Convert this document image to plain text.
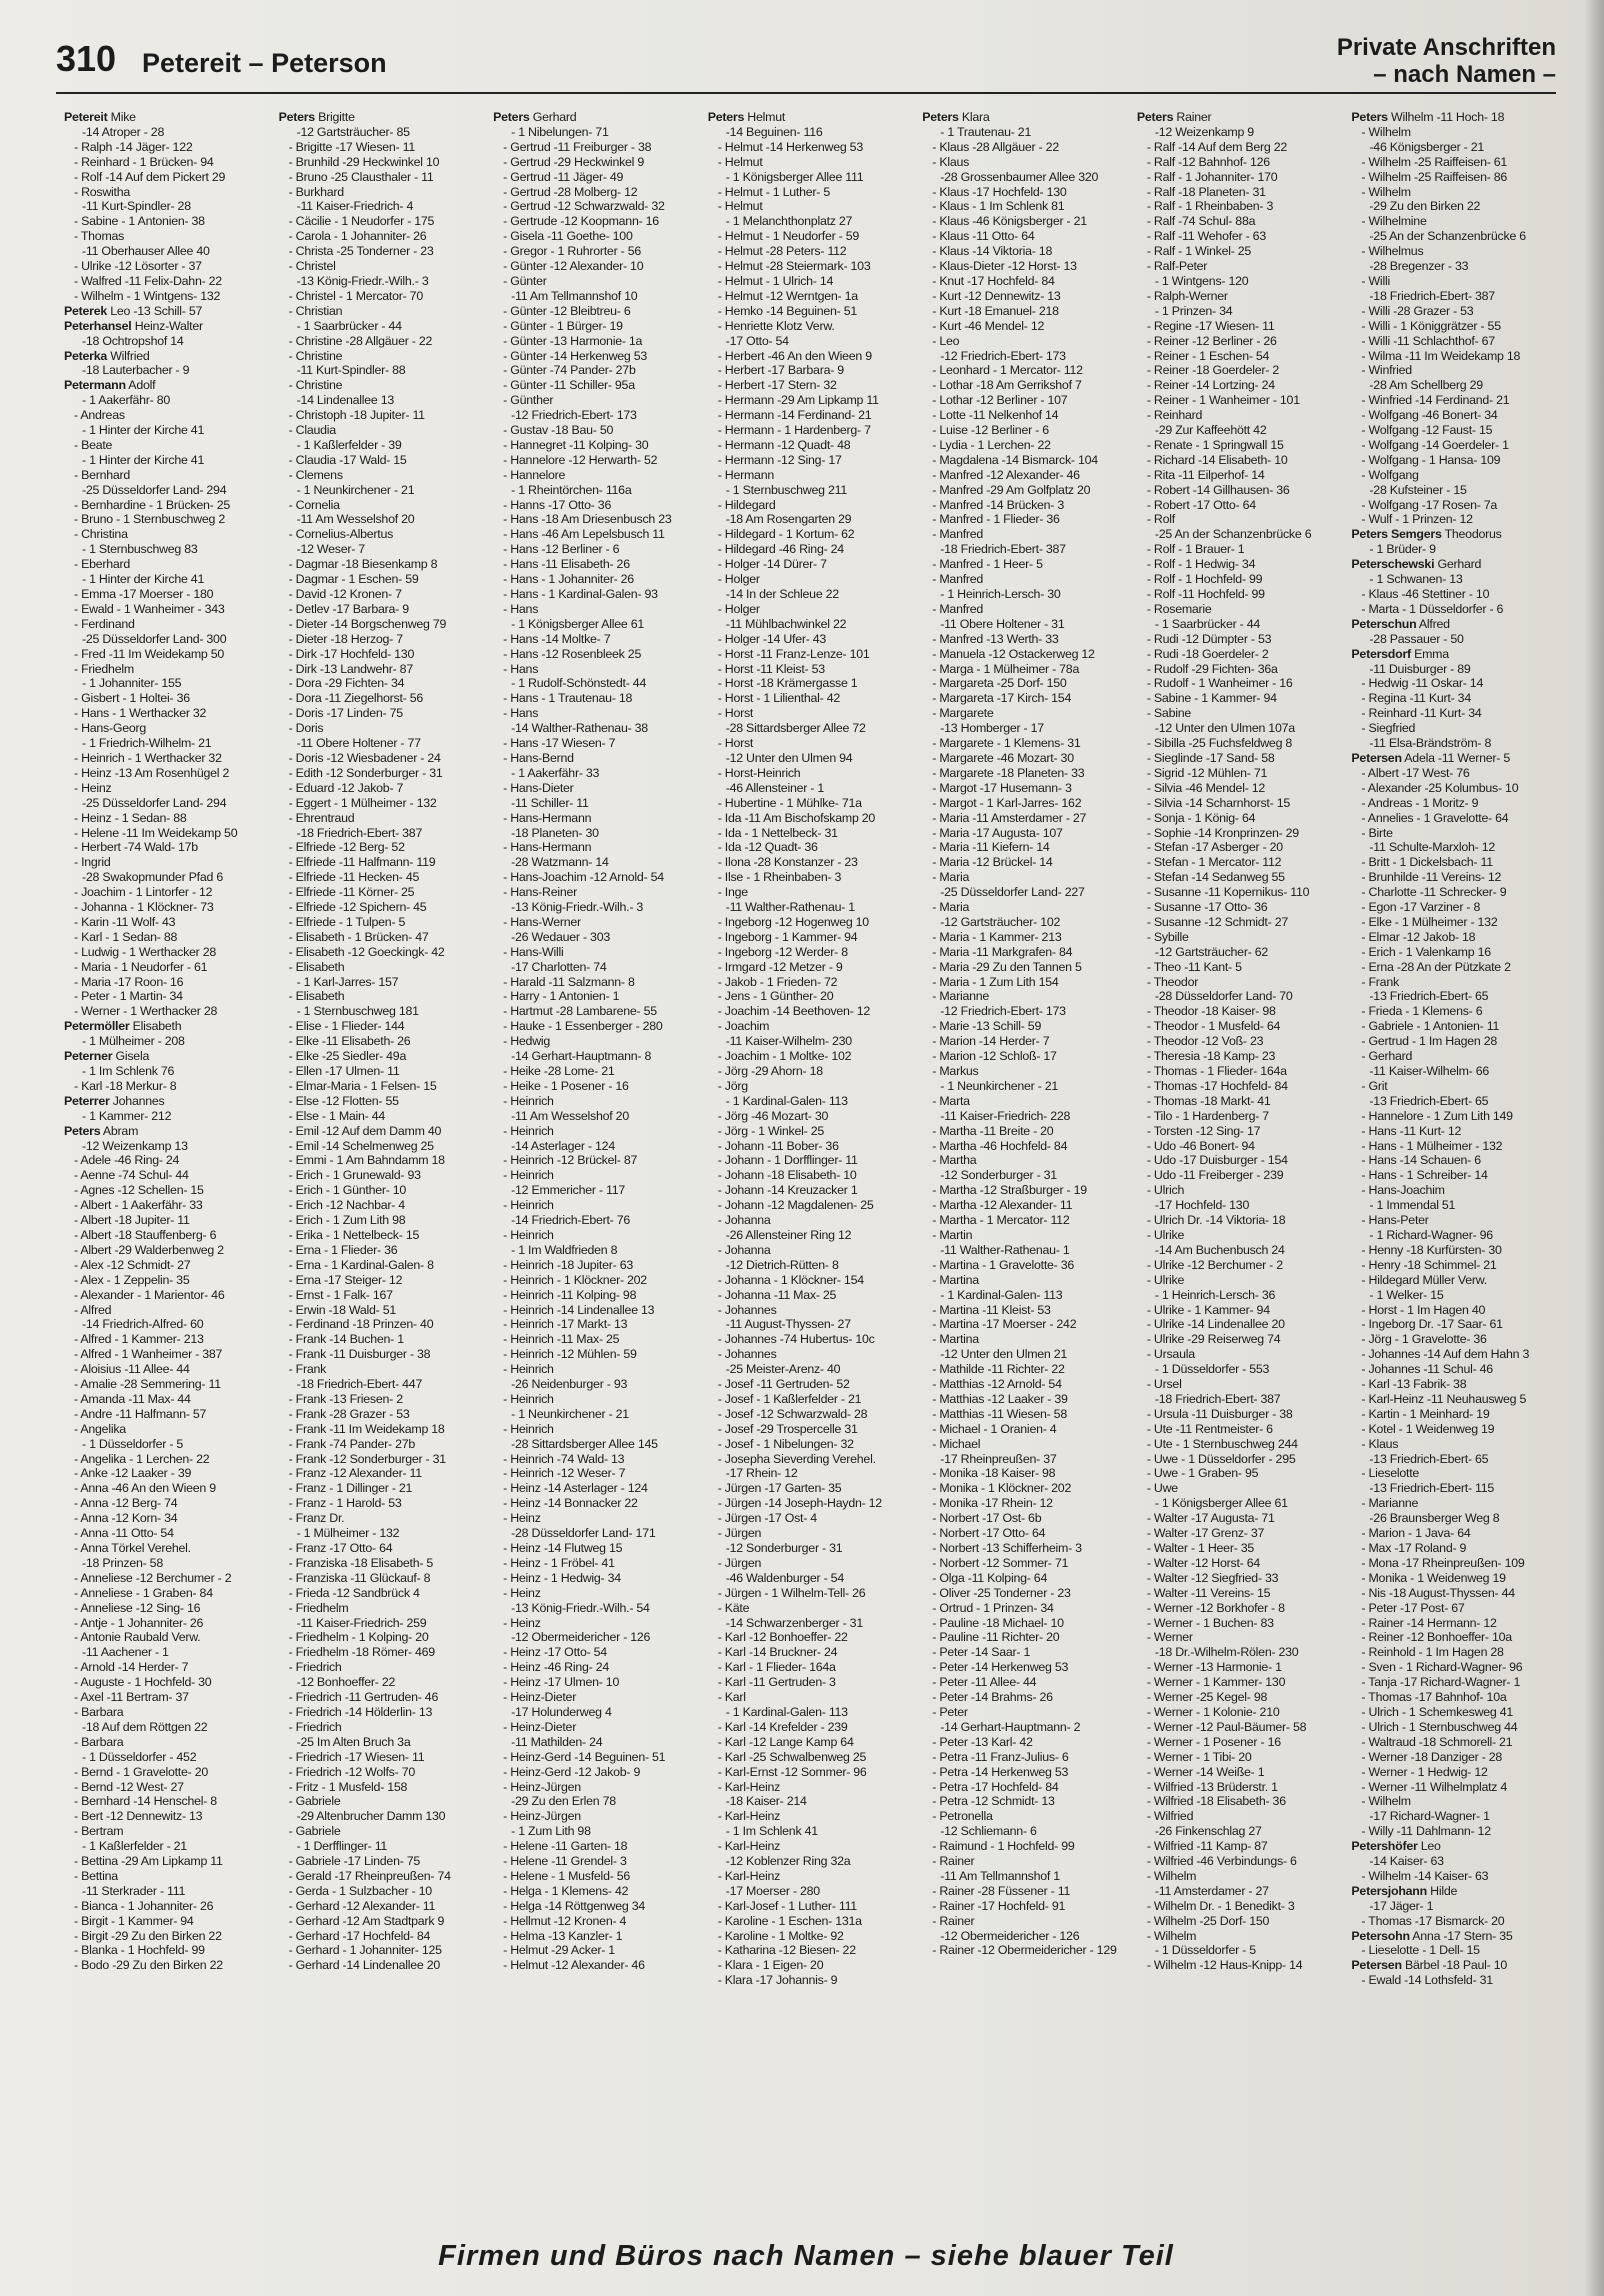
310 Petereit – Peterson
Private Anschriften
– nach Namen –
Petereit Mike
-14 Atroper - 28
- Ralph -14 Jäger- 122
- Reinhard - 1 Brücken- 94
- Rolf -14 Auf dem Pickert 29
- Roswitha
-11 Kurt-Spindler- 28
- Sabine - 1 Antonien- 38
- Thomas
-11 Oberhauser Allee 40
- Ulrike -12 Lösorter - 37
- Walfred -11 Felix-Dahn- 22
- Wilhelm - 1 Wintgens- 132
Peterek Leo -13 Schill- 57
Peterhansel Heinz-Walter
-18 Ochtropshof 14
Peterka Wilfried
-18 Lauterbacher - 9
Petermann Adolf
- 1 Aakerfähr- 80
- Andreas
- 1 Hinter der Kirche 41
- Beate
- 1 Hinter der Kirche 41
- Bernhard
-25 Düsseldorfer Land- 294
- Bernhardine - 1 Brücken- 25
- Bruno - 1 Sternbuschweg 2
- Christina
- 1 Sternbuschweg 83
- Eberhard
- 1 Hinter der Kirche 41
- Emma -17 Moerser - 180
- Ewald - 1 Wanheimer - 343
- Ferdinand
-25 Düsseldorfer Land- 300
- Fred -11 Im Weidekamp 50
- Friedhelm
- 1 Johanniter- 155
- Gisbert - 1 Holtei- 36
- Hans - 1 Werthacker 32
- Hans-Georg
- 1 Friedrich-Wilhelm- 21
- Heinrich - 1 Werthacker 32
- Heinz -13 Am Rosenhügel 2
- Heinz
-25 Düsseldorfer Land- 294
- Heinz - 1 Sedan- 88
- Helene -11 Im Weidekamp 50
- Herbert -74 Wald- 17b
- Ingrid
-28 Swakopmunder Pfad 6
- Joachim - 1 Lintorfer - 12
- Johanna - 1 Klöckner- 73
- Karin -11 Wolf- 43
- Karl - 1 Sedan- 88
- Ludwig - 1 Werthacker 28
- Maria - 1 Neudorfer - 61
- Maria -17 Roon- 16
- Peter - 1 Martin- 34
- Werner - 1 Werthacker 28
Petermöller Elisabeth
- 1 Mülheimer - 208
Peterner Gisela
- 1 Im Schlenk 76
- Karl -18 Merkur- 8
Peterrer Johannes
- 1 Kammer- 212
Peters Abram
-12 Weizenkamp 13
- Adele -46 Ring- 24
- Aenne -74 Schul- 44
- Agnes -12 Schellen- 15
- Albert - 1 Aakerfähr- 33
- Albert -18 Jupiter- 11
- Albert -18 Stauffenberg- 6
- Albert -29 Walderbenweg 2
- Alex -12 Schmidt- 27
- Alex - 1 Zeppelin- 35
- Alexander - 1 Marientor- 46
- Alfred
-14 Friedrich-Alfred- 60
- Alfred - 1 Kammer- 213
- Alfred - 1 Wanheimer - 387
- Aloisius -11 Allee- 44
- Amalie -28 Semmering- 11
- Amanda -11 Max- 44
- Andre -11 Halfmann- 57
- Angelika
- 1 Düsseldorfer - 5
- Angelika - 1 Lerchen- 22
- Anke -12 Laaker - 39
- Anna -46 An den Wieen 9
- Anna -12 Berg- 74
- Anna -12 Korn- 34
- Anna -11 Otto- 54
- Anna Törkel Verehel.
-18 Prinzen- 58
- Anneliese -12 Berchumer - 2
- Anneliese - 1 Graben- 84
- Anneliese -12 Sing- 16
- Antje - 1 Johanniter- 26
- Antonie Raubald Verw.
-11 Aachener - 1
- Arnold -14 Herder- 7
- Auguste - 1 Hochfeld- 30
- Axel -11 Bertram- 37
- Barbara
-18 Auf dem Röttgen 22
- Barbara
- 1 Düsseldorfer - 452
- Bernd - 1 Gravelotte- 20
- Bernd -12 West- 27
- Bernhard -14 Henschel- 8
- Bert -12 Dennewitz- 13
- Bertram
- 1 Kaßlerfelder - 21
- Bettina -29 Am Lipkamp 11
- Bettina
-11 Sterkrader - 111
- Bianca - 1 Johanniter- 26
- Birgit - 1 Kammer- 94
- Birgit -29 Zu den Birken 22
- Blanka - 1 Hochfeld- 99
- Bodo -29 Zu den Birken 22
Peters Brigitte
-12 Gartsträucher- 85
- Brigitte -17 Wiesen- 11
- Brunhild -29 Heckwinkel 10
- Bruno -25 Clausthaler - 11
- Burkhard
-11 Kaiser-Friedrich- 4
- Cäcilie - 1 Neudorfer - 175
- Carola - 1 Johanniter- 26
- Christa -25 Tonderner - 23
- Christel
-13 König-Friedr.-Wilh.- 3
- Christel - 1 Mercator- 70
- Christian
- 1 Saarbrücker - 44
- Christine -28 Allgäuer - 22
- Christine
-11 Kurt-Spindler- 88
- Christine
-14 Lindenallee 13
- Christoph -18 Jupiter- 11
- Claudia
- 1 Kaßlerfelder - 39
- Claudia -17 Wald- 15
- Clemens
- 1 Neunkirchener - 21
- Cornelia
-11 Am Wesselshof 20
- Cornelius-Albertus
-12 Weser- 7
- Dagmar -18 Biesenkamp 8
- Dagmar - 1 Eschen- 59
- David -12 Kronen- 7
- Detlev -17 Barbara- 9
- Dieter -14 Borgschenweg 79
- Dieter -18 Herzog- 7
- Dirk -17 Hochfeld- 130
- Dirk -13 Landwehr- 87
- Dora -29 Fichten- 34
- Dora -11 Ziegelhorst- 56
- Doris -17 Linden- 75
- Doris
-11 Obere Holtener - 77
- Doris -12 Wiesbadener - 24
- Edith -12 Sonderburger - 31
- Eduard -12 Jakob- 7
- Eggert - 1 Mülheimer - 132
- Ehrentraud
-18 Friedrich-Ebert- 387
- Elfriede -12 Berg- 52
- Elfriede -11 Halfmann- 119
- Elfriede -11 Hecken- 45
- Elfriede -11 Körner- 25
- Elfriede -12 Spichern- 45
- Elfriede - 1 Tulpen- 5
- Elisabeth - 1 Brücken- 47
- Elisabeth -12 Goeckingk- 42
- Elisabeth
- 1 Karl-Jarres- 157
- Elisabeth
- 1 Sternbuschweg 181
- Elise - 1 Flieder- 144
- Elke -11 Elisabeth- 26
- Elke -25 Siedler- 49a
- Ellen -17 Ulmen- 11
- Elmar-Maria - 1 Felsen- 15
- Else -12 Flotten- 55
- Else - 1 Main- 44
- Emil -12 Auf dem Damm 40
- Emil -14 Schelmenweg 25
- Emmi - 1 Am Bahndamm 18
- Erich - 1 Grunewald- 93
- Erich - 1 Günther- 10
- Erich -12 Nachbar- 4
- Erich - 1 Zum Lith 98
- Erika - 1 Nettelbeck- 15
- Erna - 1 Flieder- 36
- Erna - 1 Kardinal-Galen- 8
- Erna -17 Steiger- 12
- Ernst - 1 Falk- 167
- Erwin -18 Wald- 51
- Ferdinand -18 Prinzen- 40
- Frank -14 Buchen- 1
- Frank -11 Duisburger - 38
- Frank
-18 Friedrich-Ebert- 447
- Frank -13 Friesen- 2
- Frank -28 Grazer - 53
- Frank -11 Im Weidekamp 18
- Frank -74 Pander- 27b
- Frank -12 Sonderburger - 31
- Franz -12 Alexander- 11
- Franz - 1 Dillinger - 21
- Franz - 1 Harold- 53
- Franz Dr.
- 1 Mülheimer - 132
- Franz -17 Otto- 64
- Franziska -18 Elisabeth- 5
- Franziska -11 Glückauf- 8
- Frieda -12 Sandbrück 4
- Friedhelm
-11 Kaiser-Friedrich- 259
- Friedhelm - 1 Kolping- 20
- Friedhelm -18 Römer- 469
- Friedrich
-12 Bonhoeffer- 22
- Friedrich -11 Gertruden- 46
- Friedrich -14 Hölderlin- 13
- Friedrich
-25 Im Alten Bruch 3a
- Friedrich -17 Wiesen- 11
- Friedrich -12 Wolfs- 70
- Fritz - 1 Musfeld- 158
- Gabriele
-29 Altenbrucher Damm 130
- Gabriele
- 1 Derfflinger- 11
- Gabriele -17 Linden- 75
- Gerald -17 Rheinpreußen- 74
- Gerda - 1 Sulzbacher - 10
- Gerhard -12 Alexander- 11
- Gerhard -12 Am Stadtpark 9
- Gerhard -17 Hochfeld- 84
- Gerhard - 1 Johanniter- 125
- Gerhard -14 Lindenallee 20
Peters Gerhard
- 1 Nibelungen- 71
- Gertrud -11 Freiburger - 38
- Gertrud -29 Heckwinkel 9
- Gertrud -11 Jäger- 49
- Gertrud -28 Molberg- 12
- Gertrud -12 Schwarzwald- 32
- Gertrude -12 Koopmann- 16
- Gisela -11 Goethe- 100
- Gregor - 1 Ruhrorter - 56
- Günter -12 Alexander- 10
- Günter
-11 Am Tellmannshof 10
- Günter -12 Bleibtreu- 6
- Günter - 1 Bürger- 19
- Günter -13 Harmonie- 1a
- Günter -14 Herkenweg 53
- Günter -74 Pander- 27b
- Günter -11 Schiller- 95a
- Günther
-12 Friedrich-Ebert- 173
- Gustav -18 Bau- 50
- Hannegret -11 Kolping- 30
- Hannelore -12 Herwarth- 52
- Hannelore
- 1 Rheintörchen- 116a
- Hanns -17 Otto- 36
- Hans -18 Am Driesenbusch 23
- Hans -46 Am Lepelsbusch 11
- Hans -12 Berliner - 6
- Hans -11 Elisabeth- 26
- Hans - 1 Johanniter- 26
- Hans - 1 Kardinal-Galen- 93
- Hans
- 1 Königsberger Allee 61
- Hans -14 Moltke- 7
- Hans -12 Rosenbleek 25
- Hans
- 1 Rudolf-Schönstedt- 44
- Hans - 1 Trautenau- 18
- Hans
-14 Walther-Rathenau- 38
- Hans -17 Wiesen- 7
- Hans-Bernd
- 1 Aakerfähr- 33
- Hans-Dieter
-11 Schiller- 11
- Hans-Hermann
-18 Planeten- 30
- Hans-Hermann
-28 Watzmann- 14
- Hans-Joachim -12 Arnold- 54
- Hans-Reiner
-13 König-Friedr.-Wilh.- 3
- Hans-Werner
-26 Wedauer - 303
- Hans-Willi
-17 Charlotten- 74
- Harald -11 Salzmann- 8
- Harry - 1 Antonien- 1
- Hartmut -28 Lambarene- 55
- Hauke - 1 Essenberger - 280
- Hedwig
-14 Gerhart-Hauptmann- 8
- Heike -28 Lome- 21
- Heike - 1 Posener - 16
- Heinrich
-11 Am Wesselshof 20
- Heinrich
-14 Asterlager - 124
- Heinrich -12 Brückel- 87
- Heinrich
-12 Emmericher - 117
- Heinrich
-14 Friedrich-Ebert- 76
- Heinrich
- 1 Im Waldfrieden 8
- Heinrich -18 Jupiter- 63
- Heinrich - 1 Klöckner- 202
- Heinrich -11 Kolping- 98
- Heinrich -14 Lindenallee 13
- Heinrich -17 Markt- 13
- Heinrich -11 Max- 25
- Heinrich -12 Mühlen- 59
- Heinrich
-26 Neidenburger - 93
- Heinrich
- 1 Neunkirchener - 21
- Heinrich
-28 Sittardsberger Allee 145
- Heinrich -74 Wald- 13
- Heinrich -12 Weser- 7
- Heinz -14 Asterlager - 124
- Heinz -14 Bonnacker 22
- Heinz
-28 Düsseldorfer Land- 171
- Heinz -14 Flutweg 15
- Heinz - 1 Fröbel- 41
- Heinz - 1 Hedwig- 34
- Heinz
-13 König-Friedr.-Wilh.- 54
- Heinz
-12 Obermeidericher - 126
- Heinz -17 Otto- 54
- Heinz -46 Ring- 24
- Heinz -17 Ulmen- 10
- Heinz-Dieter
-17 Holunderweg 4
- Heinz-Dieter
-11 Mathilden- 24
- Heinz-Gerd -14 Beguinen- 51
- Heinz-Gerd -12 Jakob- 9
- Heinz-Jürgen
-29 Zu den Erlen 78
- Heinz-Jürgen
- 1 Zum Lith 98
- Helene -11 Garten- 18
- Helene -11 Grendel- 3
- Helene - 1 Musfeld- 56
- Helga - 1 Klemens- 42
- Helga -14 Röttgenweg 34
- Hellmut -12 Kronen- 4
- Helma -13 Kanzler- 1
- Helmut -29 Acker- 1
- Helmut -12 Alexander- 46
Peters Helmut
-14 Beguinen- 116
- Helmut -14 Herkenweg 53
- Helmut
- 1 Königsberger Allee 111
- Helmut - 1 Luther- 5
- Helmut
- 1 Melanchthonplatz 27
- Helmut - 1 Neudorfer - 59
- Helmut -28 Peters- 112
- Helmut -28 Steiermark- 103
- Helmut - 1 Ulrich- 14
- Helmut -12 Werntgen- 1a
- Hemko -14 Beguinen- 51
- Henriette Klotz Verw.
-17 Otto- 54
- Herbert -46 An den Wieen 9
- Herbert -17 Barbara- 9
- Herbert -17 Stern- 32
- Hermann -29 Am Lipkamp 11
- Hermann -14 Ferdinand- 21
- Hermann - 1 Hardenberg- 7
- Hermann -12 Quadt- 48
- Hermann -12 Sing- 17
- Hermann
- 1 Sternbuschweg 211
- Hildegard
-18 Am Rosengarten 29
- Hildegard - 1 Kortum- 62
- Hildegard -46 Ring- 24
- Holger -14 Dürer- 7
- Holger
-14 In der Schleue 22
- Holger
-11 Mühlbachwinkel 22
- Holger -14 Ufer- 43
- Horst -11 Franz-Lenze- 101
- Horst -11 Kleist- 53
- Horst -18 Krämergasse 1
- Horst - 1 Lilienthal- 42
- Horst
-28 Sittardsberger Allee 72
- Horst
-12 Unter den Ulmen 94
- Horst-Heinrich
-46 Allensteiner - 1
- Hubertine - 1 Mühlke- 71a
- Ida -11 Am Bischofskamp 20
- Ida - 1 Nettelbeck- 31
- Ida -12 Quadt- 36
- Ilona -28 Konstanzer - 23
- Ilse - 1 Rheinbaben- 3
- Inge
-11 Walther-Rathenau- 1
- Ingeborg -12 Hogenweg 10
- Ingeborg - 1 Kammer- 94
- Ingeborg -12 Werder- 8
- Irmgard -12 Metzer - 9
- Jakob - 1 Frieden- 72
- Jens - 1 Günther- 20
- Joachim -14 Beethoven- 12
- Joachim
-11 Kaiser-Wilhelm- 230
- Joachim - 1 Moltke- 102
- Jörg -29 Ahorn- 18
- Jörg
- 1 Kardinal-Galen- 113
- Jörg -46 Mozart- 30
- Jörg - 1 Winkel- 25
- Johann -11 Bober- 36
- Johann - 1 Dorfflinger- 11
- Johann -18 Elisabeth- 10
- Johann -14 Kreuzacker 1
- Johann -12 Magdalenen- 25
- Johanna
-26 Allensteiner Ring 12
- Johanna
-12 Dietrich-Rütten- 8
- Johanna - 1 Klöckner- 154
- Johanna -11 Max- 25
- Johannes
-11 August-Thyssen- 27
- Johannes -74 Hubertus- 10c
- Johannes
-25 Meister-Arenz- 40
- Josef -11 Gertruden- 52
- Josef - 1 Kaßlerfelder - 21
- Josef -12 Schwarzwald- 28
- Josef -29 Trospercelle 31
- Josef - 1 Nibelungen- 32
- Josepha Sieverding Verehel.
-17 Rhein- 12
- Jürgen -17 Garten- 35
- Jürgen -14 Joseph-Haydn- 12
- Jürgen -17 Ost- 4
- Jürgen
-12 Sonderburger - 31
- Jürgen
-46 Waldenburger - 54
- Jürgen - 1 Wilhelm-Tell- 26
- Käte
-14 Schwarzenberger - 31
- Karl -12 Bonhoeffer- 22
- Karl -14 Bruckner- 24
- Karl - 1 Flieder- 164a
- Karl -11 Gertruden- 3
- Karl
- 1 Kardinal-Galen- 113
- Karl -14 Krefelder - 239
- Karl -12 Lange Kamp 64
- Karl -25 Schwalbenweg 25
- Karl-Ernst -12 Sommer- 96
- Karl-Heinz
-18 Kaiser- 214
- Karl-Heinz
- 1 Im Schlenk 41
- Karl-Heinz
-12 Koblenzer Ring 32a
- Karl-Heinz
-17 Moerser - 280
- Karl-Josef - 1 Luther- 111
- Karoline - 1 Eschen- 131a
- Karoline - 1 Moltke- 92
- Katharina -12 Biesen- 22
- Klara - 1 Eigen- 20
- Klara -17 Johannis- 9
Peters Klara
- 1 Trautenau- 21
- Klaus -28 Allgäuer - 22
- Klaus
-28 Grossenbaumer Allee 320
- Klaus -17 Hochfeld- 130
- Klaus - 1 Im Schlenk 81
- Klaus -46 Königsberger - 21
- Klaus -11 Otto- 64
- Klaus -14 Viktoria- 18
- Klaus-Dieter -12 Horst- 13
- Knut -17 Hochfeld- 84
- Kurt -12 Dennewitz- 13
- Kurt -18 Emanuel- 218
- Kurt -46 Mendel- 12
- Leo
-12 Friedrich-Ebert- 173
- Leonhard - 1 Mercator- 112
- Lothar -18 Am Gerrikshof 7
- Lothar -12 Berliner - 107
- Lotte -11 Nelkenhof 14
- Luise -12 Berliner - 6
- Lydia - 1 Lerchen- 22
- Magdalena -14 Bismarck- 104
- Manfred -12 Alexander- 46
- Manfred -29 Am Golfplatz 20
- Manfred -14 Brücken- 3
- Manfred - 1 Flieder- 36
- Manfred
-18 Friedrich-Ebert- 387
- Manfred - 1 Heer- 5
- Manfred
- 1 Heinrich-Lersch- 30
- Manfred
-11 Obere Holtener - 31
- Manfred -13 Werth- 33
- Manuela -12 Ostackerweg 12
- Marga - 1 Mülheimer - 78a
- Margareta -25 Dorf- 150
- Margareta -17 Kirch- 154
- Margarete
-13 Homberger - 17
- Margarete - 1 Klemens- 31
- Margarete -46 Mozart- 30
- Margarete -18 Planeten- 33
- Margot -17 Husemann- 3
- Margot - 1 Karl-Jarres- 162
- Maria -11 Amsterdamer - 27
- Maria -17 Augusta- 107
- Maria -11 Kiefern- 14
- Maria -12 Brückel- 14
- Maria
-25 Düsseldorfer Land- 227
- Maria
-12 Gartsträucher- 102
- Maria - 1 Kammer- 213
- Maria -11 Markgrafen- 84
- Maria -29 Zu den Tannen 5
- Maria - 1 Zum Lith 154
- Marianne
-12 Friedrich-Ebert- 173
- Marie -13 Schill- 59
- Marion -14 Herder- 7
- Marion -12 Schloß- 17
- Markus
- 1 Neunkirchener - 21
- Marta
-11 Kaiser-Friedrich- 228
- Martha -11 Breite - 20
- Martha -46 Hochfeld- 84
- Martha
-12 Sonderburger - 31
- Martha -12 Straßburger - 19
- Martha -12 Alexander- 11
- Martha - 1 Mercator- 112
- Martin
-11 Walther-Rathenau- 1
- Martina - 1 Gravelotte- 36
- Martina
- 1 Kardinal-Galen- 113
- Martina -11 Kleist- 53
- Martina -17 Moerser - 242
- Martina
-12 Unter den Ulmen 21
- Mathilde -11 Richter- 22
- Matthias -12 Arnold- 54
- Matthias -12 Laaker - 39
- Matthias -11 Wiesen- 58
- Michael - 1 Oranien- 4
- Michael
-17 Rheinpreußen- 37
- Monika -18 Kaiser- 98
- Monika - 1 Klöckner- 202
- Monika -17 Rhein- 12
- Norbert -17 Ost- 6b
- Norbert -17 Otto- 64
- Norbert -13 Schifferheim- 3
- Norbert -12 Sommer- 71
- Olga -11 Kolping- 64
- Oliver -25 Tonderner - 23
- Ortrud - 1 Prinzen- 34
- Pauline -18 Michael- 10
- Pauline -11 Richter- 20
- Peter -14 Saar- 1
- Peter -14 Herkenweg 53
- Peter -11 Allee- 44
- Peter -14 Brahms- 26
- Peter
-14 Gerhart-Hauptmann- 2
- Peter -13 Karl- 42
- Petra -11 Franz-Julius- 6
- Petra -14 Herkenweg 53
- Petra -17 Hochfeld- 84
- Petra -12 Schmidt- 13
- Petronella
-12 Schliemann- 6
- Raimund - 1 Hochfeld- 99
- Rainer
-11 Am Tellmannshof 1
- Rainer -28 Füssener - 11
- Rainer -17 Hochfeld- 91
- Rainer
-12 Obermeidericher - 126
- Rainer -12 Obermeidericher - 129
Peters Rainer
-12 Weizenkamp 9
- Ralf -14 Auf dem Berg 22
- Ralf -12 Bahnhof- 126
- Ralf - 1 Johanniter- 170
- Ralf -18 Planeten- 31
- Ralf - 1 Rheinbaben- 3
- Ralf -74 Schul- 88a
- Ralf -11 Wehofer - 63
- Ralf - 1 Winkel- 25
- Ralf-Peter
- 1 Wintgens- 120
- Ralph-Werner
- 1 Prinzen- 34
- Regine -17 Wiesen- 11
- Reiner -12 Berliner - 26
- Reiner - 1 Eschen- 54
- Reiner -18 Goerdeler- 2
- Reiner -14 Lortzing- 24
- Reiner - 1 Wanheimer - 101
- Reinhard
-29 Zur Kaffeehött 42
- Renate - 1 Springwall 15
- Richard -14 Elisabeth- 10
- Rita -11 Eilperhof- 14
- Robert -14 Gillhausen- 36
- Robert -17 Otto- 64
- Rolf
-25 An der Schanzenbrücke 6
- Rolf - 1 Brauer- 1
- Rolf - 1 Hedwig- 34
- Rolf - 1 Hochfeld- 99
- Rolf -11 Hochfeld- 99
- Rosemarie
- 1 Saarbrücker - 44
- Rudi -12 Dümpter - 53
- Rudi -18 Goerdeler- 2
- Rudolf -29 Fichten- 36a
- Rudolf - 1 Wanheimer - 16
- Sabine - 1 Kammer- 94
- Sabine
-12 Unter den Ulmen 107a
- Sibilla -25 Fuchsfeldweg 8
- Sieglinde -17 Sand- 58
- Sigrid -12 Mühlen- 71
- Silvia -46 Mendel- 12
- Silvia -14 Scharnhorst- 15
- Sonja - 1 König- 64
- Sophie -14 Kronprinzen- 29
- Stefan -17 Asberger - 20
- Stefan - 1 Mercator- 112
- Stefan -14 Sedanweg 55
- Susanne -11 Kopernikus- 110
- Susanne -17 Otto- 36
- Susanne -12 Schmidt- 27
- Sybille
-12 Gartsträucher- 62
- Theo -11 Kant- 5
- Theodor
-28 Düsseldorfer Land- 70
- Theodor -18 Kaiser- 98
- Theodor - 1 Musfeld- 64
- Theodor -12 Voß- 23
- Theresia -18 Kamp- 23
- Thomas - 1 Flieder- 164a
- Thomas -17 Hochfeld- 84
- Thomas -18 Markt- 41
- Tilo - 1 Hardenberg- 7
- Torsten -12 Sing- 17
- Udo -46 Bonert- 94
- Udo -17 Duisburger - 154
- Udo -11 Freiberger - 239
- Ulrich
-17 Hochfeld- 130
- Ulrich Dr. -14 Viktoria- 18
- Ulrike
-14 Am Buchenbusch 24
- Ulrike -12 Berchumer - 2
- Ulrike
- 1 Heinrich-Lersch- 36
- Ulrike - 1 Kammer- 94
- Ulrike -14 Lindenallee 20
- Ulrike -29 Reiserweg 74
- Ursaula
- 1 Düsseldorfer - 553
- Ursel
-18 Friedrich-Ebert- 387
- Ursula -11 Duisburger - 38
- Ute -11 Rentmeister- 6
- Ute - 1 Sternbuschweg 244
- Uwe - 1 Düsseldorfer - 295
- Uwe - 1 Graben- 95
- Uwe
- 1 Königsberger Allee 61
- Walter -17 Augusta- 71
- Walter -17 Grenz- 37
- Walter - 1 Heer- 35
- Walter -12 Horst- 64
- Walter -12 Siegfried- 33
- Walter -11 Vereins- 15
- Werner -12 Borkhofer - 8
- Werner - 1 Buchen- 83
- Werner
-18 Dr.-Wilhelm-Rölen- 230
- Werner -13 Harmonie- 1
- Werner - 1 Kammer- 130
- Werner -25 Kegel- 98
- Werner - 1 Kolonie- 210
- Werner -12 Paul-Bäumer- 58
- Werner - 1 Posener - 16
- Werner - 1 Tibi- 20
- Werner -14 Weiße- 1
- Wilfried -13 Brüderstr. 1
- Wilfried -18 Elisabeth- 36
- Wilfried
-26 Finkenschlag 27
- Wilfried -11 Kamp- 87
- Wilfried -46 Verbindungs- 6
- Wilhelm
-11 Amsterdamer - 27
- Wilhelm Dr. - 1 Benedikt- 3
- Wilhelm -25 Dorf- 150
- Wilhelm
- 1 Düsseldorfer - 5
- Wilhelm -12 Haus-Knipp- 14
Peters Wilhelm -11 Hoch- 18
- Wilhelm
-46 Königsberger - 21
- Wilhelm -25 Raiffeisen- 61
- Wilhelm -25 Raiffeisen- 86
- Wilhelm
-29 Zu den Birken 22
- Wilhelmine
-25 An der Schanzenbrücke 6
- Wilhelmus
-28 Bregenzer - 33
- Willi
-18 Friedrich-Ebert- 387
- Willi -28 Grazer - 53
- Willi - 1 Königgrätzer - 55
- Willi -11 Schlachthof- 67
- Wilma -11 Im Weidekamp 18
- Winfried
-28 Am Schellberg 29
- Winfried -14 Ferdinand- 21
- Wolfgang -46 Bonert- 34
- Wolfgang -12 Faust- 15
- Wolfgang -14 Goerdeler- 1
- Wolfgang - 1 Hansa- 109
- Wolfgang
-28 Kufsteiner - 15
- Wolfgang -17 Rosen- 7a
- Wulf - 1 Prinzen- 12
Peters Semgers Theodorus
- 1 Brüder- 9
Peterschewski Gerhard
- 1 Schwanen- 13
- Klaus -46 Stettiner - 10
- Marta - 1 Düsseldorfer - 6
Peterschun Alfred
-28 Passauer - 50
Petersdorf Emma
-11 Duisburger - 89
- Hedwig -11 Oskar- 14
- Regina -11 Kurt- 34
- Reinhard -11 Kurt- 34
- Siegfried
-11 Elsa-Brändström- 8
Petersen Adela -11 Werner- 5
- Albert -17 West- 76
- Alexander -25 Kolumbus- 10
- Andreas - 1 Moritz- 9
- Annelies - 1 Gravelotte- 64
- Birte
-11 Schulte-Marxloh- 12
- Britt - 1 Dickelsbach- 11
- Brunhilde -11 Vereins- 12
- Charlotte -11 Schrecker- 9
- Egon -17 Varziner - 8
- Elke - 1 Mülheimer - 132
- Elmar -12 Jakob- 18
- Erich - 1 Valenkamp 16
- Erna -28 An der Pützkate 2
- Frank
-13 Friedrich-Ebert- 65
- Frieda - 1 Klemens- 6
- Gabriele - 1 Antonien- 11
- Gertrud - 1 Im Hagen 28
- Gerhard
-11 Kaiser-Wilhelm- 66
- Grit
-13 Friedrich-Ebert- 65
- Hannelore - 1 Zum Lith 149
- Hans -11 Kurt- 12
- Hans - 1 Mülheimer - 132
- Hans -14 Schauen- 6
- Hans - 1 Schreiber- 14
- Hans-Joachim
- 1 Immendal 51
- Hans-Peter
- 1 Richard-Wagner- 96
- Henny -18 Kurfürsten- 30
- Henry -18 Schimmel- 21
- Hildegard Müller Verw.
- 1 Welker- 15
- Horst - 1 Im Hagen 40
- Ingeborg Dr. -17 Saar- 61
- Jörg - 1 Gravelotte- 36
- Johannes -14 Auf dem Hahn 3
- Johannes -11 Schul- 46
- Karl -13 Fabrik- 38
- Karl-Heinz -11 Neuhausweg 5
- Kartin - 1 Meinhard- 19
- Kotel - 1 Weidenweg 19
- Klaus
-13 Friedrich-Ebert- 65
- Lieselotte
-13 Friedrich-Ebert- 115
- Marianne
-26 Braunsberger Weg 8
- Marion - 1 Java- 64
- Max -17 Roland- 9
- Mona -17 Rheinpreußen- 109
- Monika - 1 Weidenweg 19
- Nis -18 August-Thyssen- 44
- Peter -17 Post- 67
- Rainer -14 Hermann- 12
- Reiner -12 Bonhoeffer- 10a
- Reinhold - 1 Im Hagen 28
- Sven - 1 Richard-Wagner- 96
- Tanja -17 Richard-Wagner- 1
- Thomas -17 Bahnhof- 10a
- Ulrich - 1 Schemkesweg 41
- Ulrich - 1 Sternbuschweg 44
- Waltraud -18 Schmorell- 21
- Werner -18 Danziger - 28
- Werner - 1 Hedwig- 12
- Werner -11 Wilhelmplatz 4
- Wilhelm
-17 Richard-Wagner- 1
- Willy -11 Dahlmann- 12
Petershöfer Leo
-14 Kaiser- 63
- Wilhelm -14 Kaiser- 63
Petersjohann Hilde
-17 Jäger- 1
- Thomas -17 Bismarck- 20
Petersohn Anna -17 Stern- 35
- Lieselotte - 1 Dell- 15
Petersen Bärbel -18 Paul- 10
- Ewald -14 Lothsfeld- 31
Firmen und Büros nach Namen – siehe blauer Teil
